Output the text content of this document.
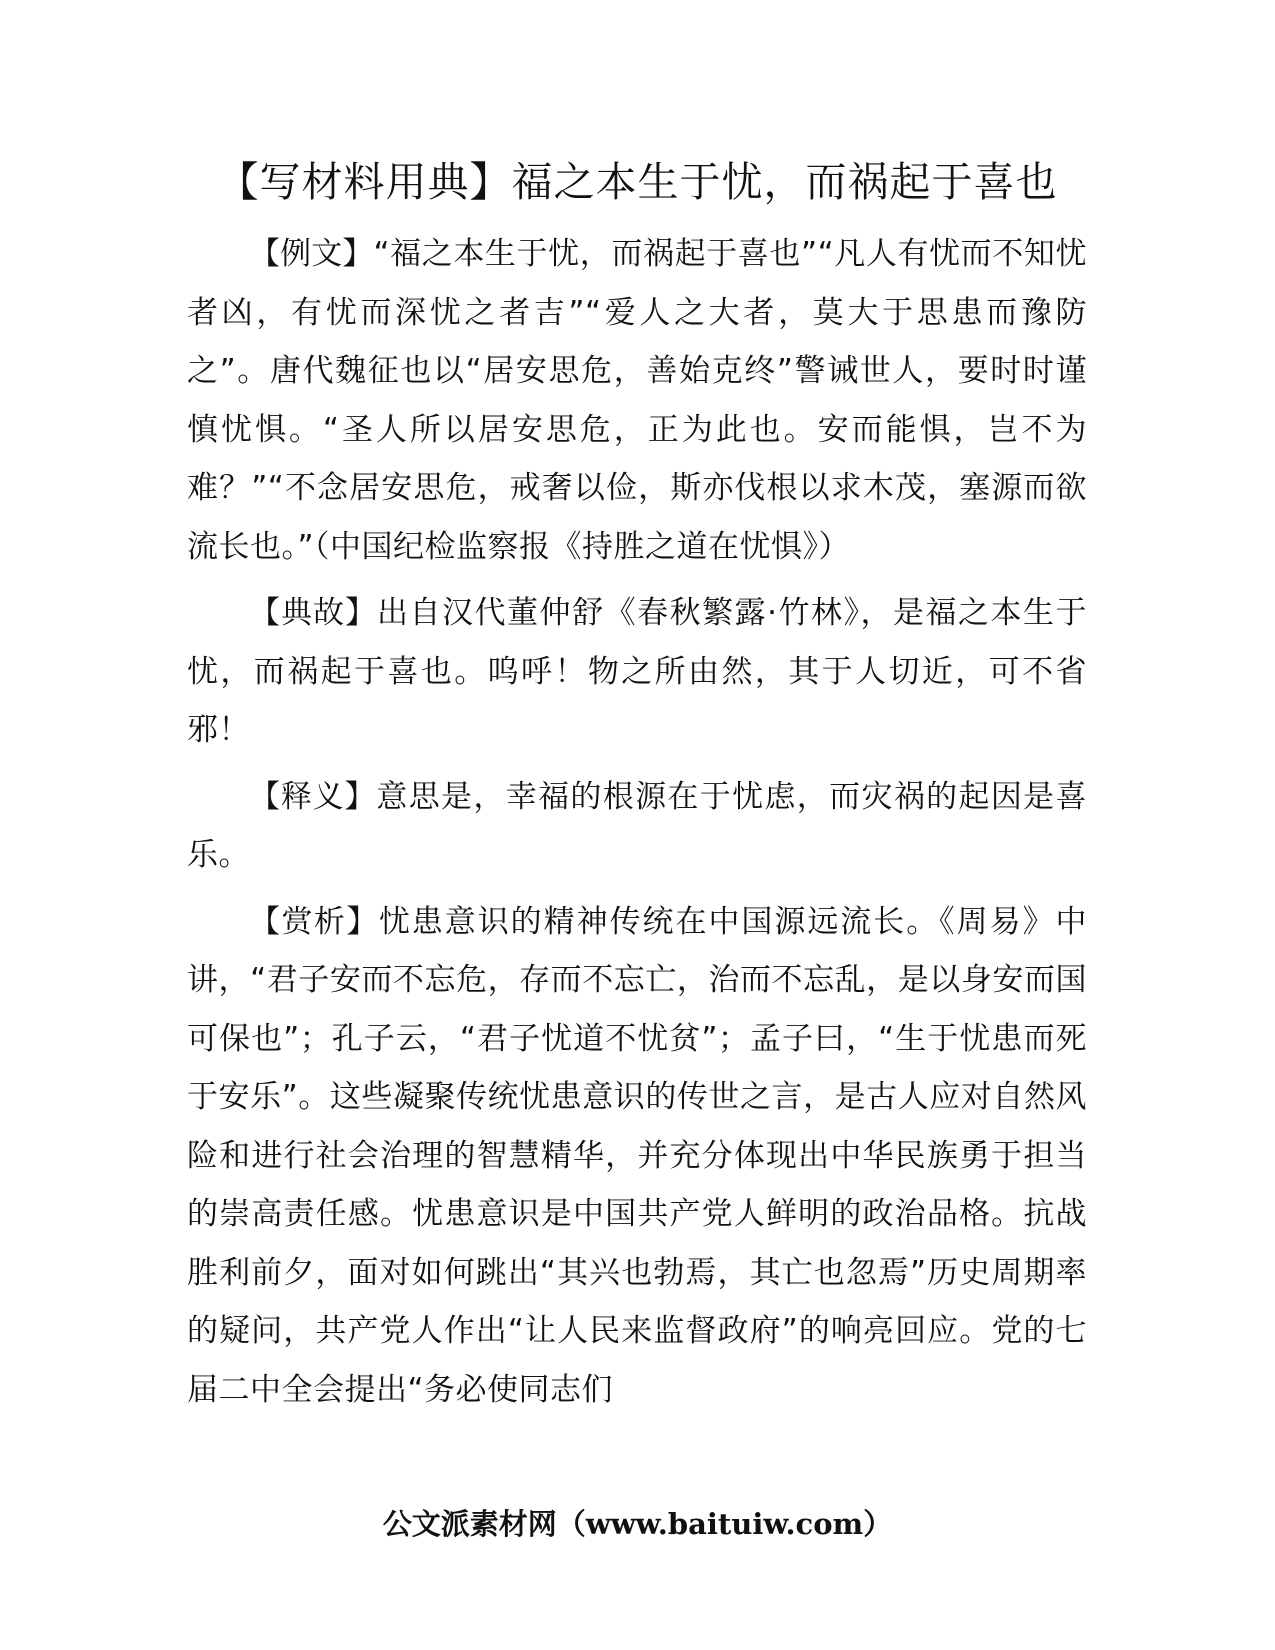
【写材料用典】福之本生于忧，而祸起于喜也

【例文】“福之本生于忧，而祸起于喜也”“凡人有忧而不知忧者凶，有忧而深忧之者吉”“爱人之大者，莫大于思患而豫防之”。唐代魏征也以“居安思危，善始克终”警诫世人，要时时谨慎忧惧。“圣人所以居安思危，正为此也。安而能惧，岂不为难？”“不念居安思危，戒奢以俭，斯亦伐根以求木茂，塞源而欲流长也。”（中国纪检监察报《持胜之道在忧惧》）

【典故】出自汉代董仲舒《春秋繁露·竹林》，是福之本生于忧，而祸起于喜也。呜呼！物之所由然，其于人切近，可不省邪！

【释义】意思是，幸福的根源在于忧虑，而灾祸的起因是喜乐。

【赏析】忧患意识的精神传统在中国源远流长。《周易》中讲，“君子安而不忘危，存而不忘亡，治而不忘乱，是以身安而国可保也”；孔子云，“君子忧道不忧贫”；孟子曰，“生于忧患而死于安乐”。这些凝聚传统忧患意识的传世之言，是古人应对自然风险和进行社会治理的智慧精华，并充分体现出中华民族勇于担当的崇高责任感。忧患意识是中国共产党人鲜明的政治品格。抗战胜利前夕，面对如何跳出“其兴也勃焉，其亡也忽焉”历史周期率的疑问，共产党人作出“让人民来监督政府”的响亮回应。党的七届二中全会提出“务必使同志们

公文派素材网（www.baituiw.com）
